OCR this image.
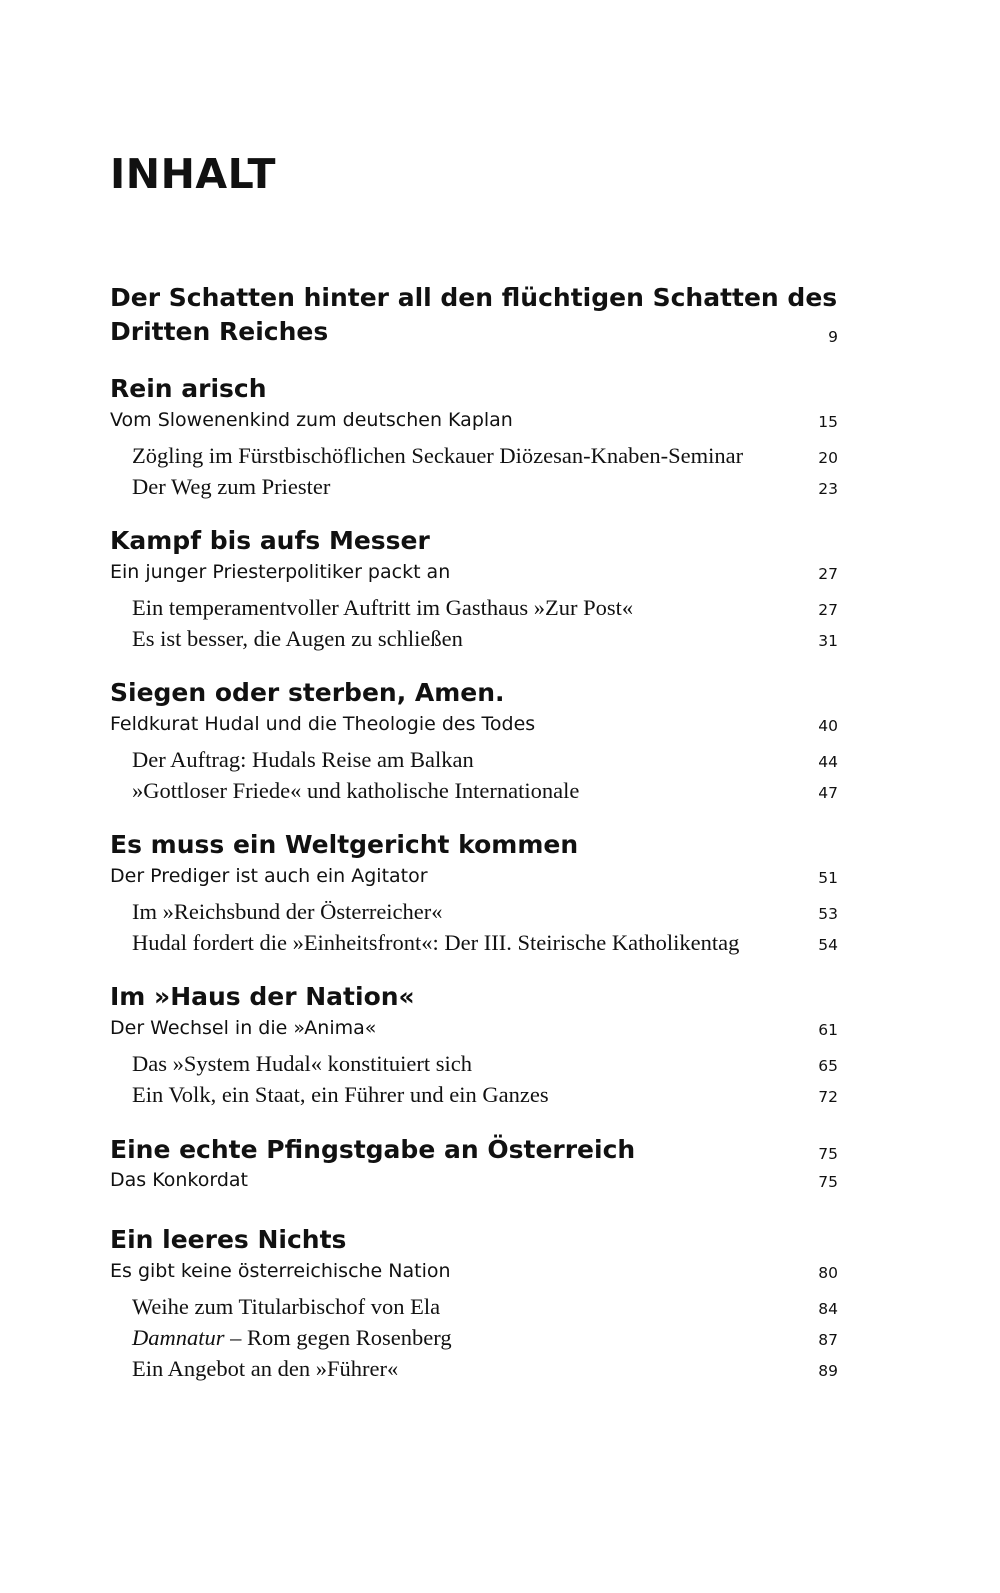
INHALT
Der Schatten hinter all den flüchtigen Schatten des
Dritten Reiches	9
Rein arisch
Vom Slowenenkind zum deutschen Kaplan	15
Zögling im Fürstbischöflichen Seckauer Diözesan-Knaben-Seminar	20
Der Weg zum Priester	23
Kampf bis aufs Messer
Ein junger Priesterpolitiker packt an	27
Ein temperamentvoller Auftritt im Gasthaus »Zur Post«	27
Es ist besser, die Augen zu schließen	31
Siegen oder sterben, Amen.
Feldkurat Hudal und die Theologie des Todes	40
Der Auftrag: Hudals Reise am Balkan	44
»Gottloser Friede« und katholische Internationale	47
Es muss ein Weltgericht kommen
Der Prediger ist auch ein Agitator	51
Im »Reichsbund der Österreicher«	53
Hudal fordert die »Einheitsfront«: Der III. Steirische Katholikentag	54
Im »Haus der Nation«
Der Wechsel in die »Anima«	61
Das »System Hudal« konstituiert sich	65
Ein Volk, ein Staat, ein Führer und ein Ganzes	72
Eine echte Pfingstgabe an Österreich	75
Das Konkordat	75
Ein leeres Nichts
Es gibt keine österreichische Nation	80
Weihe zum Titularbischof von Ela	84
Damnatur – Rom gegen Rosenberg	87
Ein Angebot an den »Führer«	89
